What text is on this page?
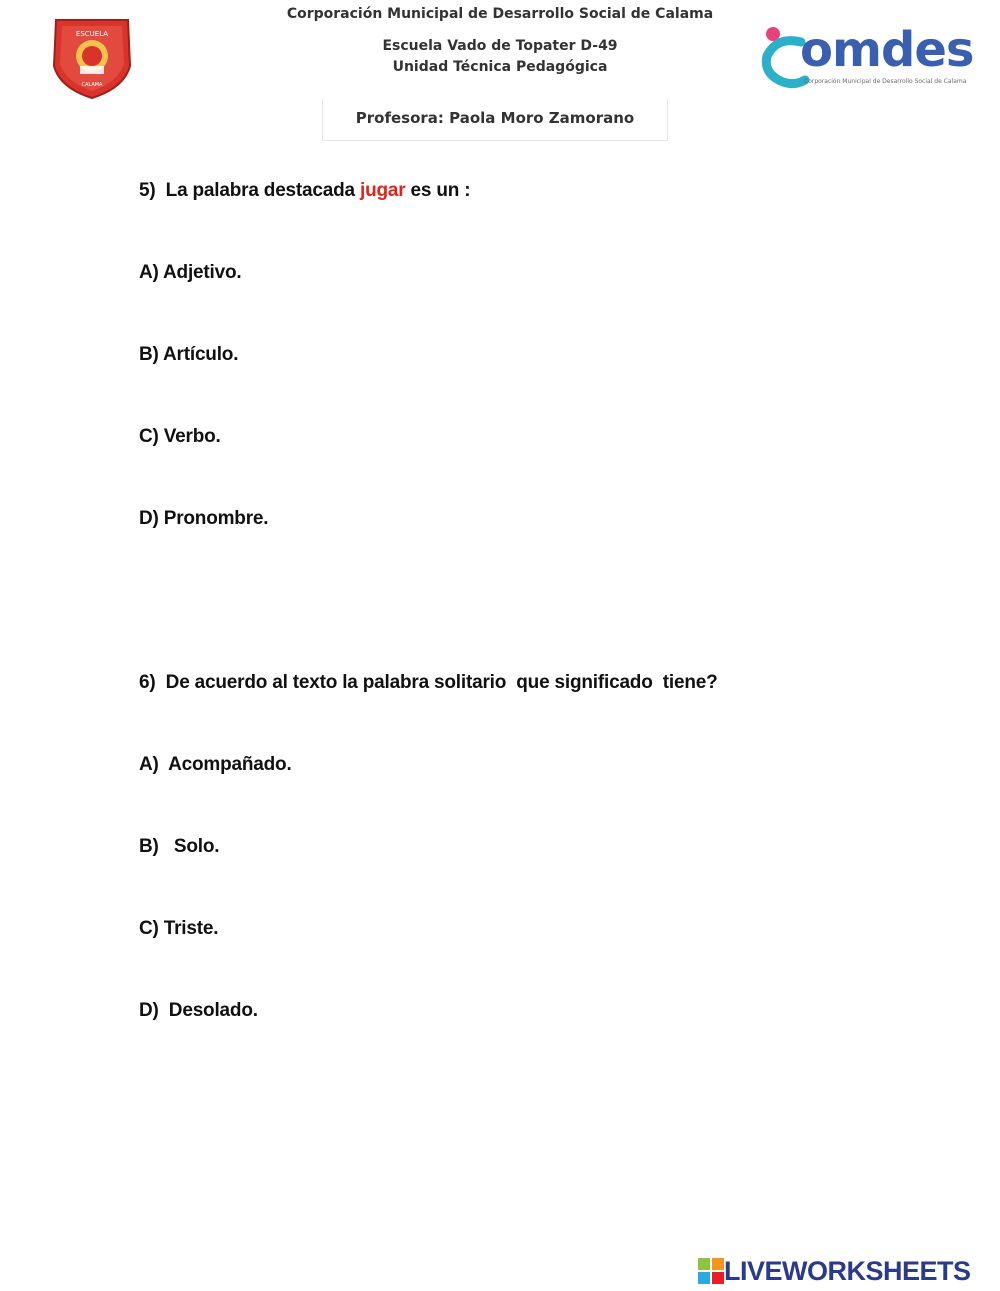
ESCUELA
CALAMA
Corporación Municipal de Desarrollo Social de Calama
Escuela Vado de Topater D-49
Unidad Técnica Pedagógica
Profesora: Paola Moro Zamorano
omdes
Corporación Municipal de Desarrollo Social de Calama
5) La palabra destacada jugar es un :
A) Adjetivo.
B) Artículo.
C) Verbo.
D) Pronombre.
6) De acuerdo al texto la palabra solitario  que significado  tiene?
A)  Acompañado.
B)   Solo.
C) Triste.
D)  Desolado.
LIVEWORKSHEETS
